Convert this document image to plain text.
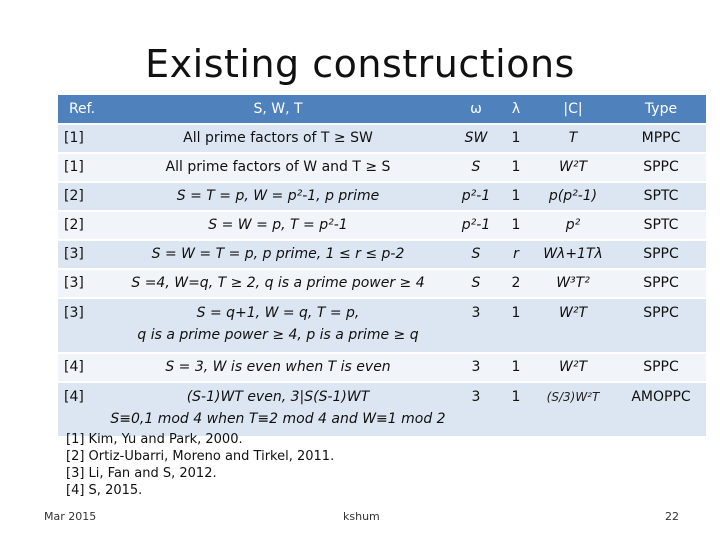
Existing constructions
Ref.	S, W, T	ω	λ	|C|	Type
[1]	All prime factors of T ≥ SW	SW	1	T	MPPC
[1]	All prime factors of W and T ≥ S	S	1	W²T	SPPC
[2]	S = T = p, W = p²-1, p prime	p²-1	1	p(p²-1)	SPTC
[2]	S = W = p, T = p²-1	p²-1	1	p²	SPTC
[3]	S = W = T = p, p prime, 1 ≤ r ≤ p-2	S	r	Wλ+1Tλ	SPPC
[3]	S =4, W=q, T ≥ 2, q is a prime power ≥ 4	S	2	W³T²	SPPC
[3]	S = q+1, W = q, T = p,
q is a prime power ≥ 4, p is a prime ≥ q	3	1	W²T	SPPC
[4]	S = 3, W is even when T is even	3	1	W²T	SPPC
[4]	(S-1)WT even, 3|S(S-1)WT
S≡0,1 mod 4 when T≡2 mod 4 and W≡1 mod 2	3	1	(S/3)W²T	AMOPPC
[1] Kim, Yu and Park, 2000.
[2] Ortiz-Ubarri, Moreno and Tirkel, 2011.
[3] Li, Fan and S, 2012.
[4] S, 2015.
Mar 2015	kshum	22
